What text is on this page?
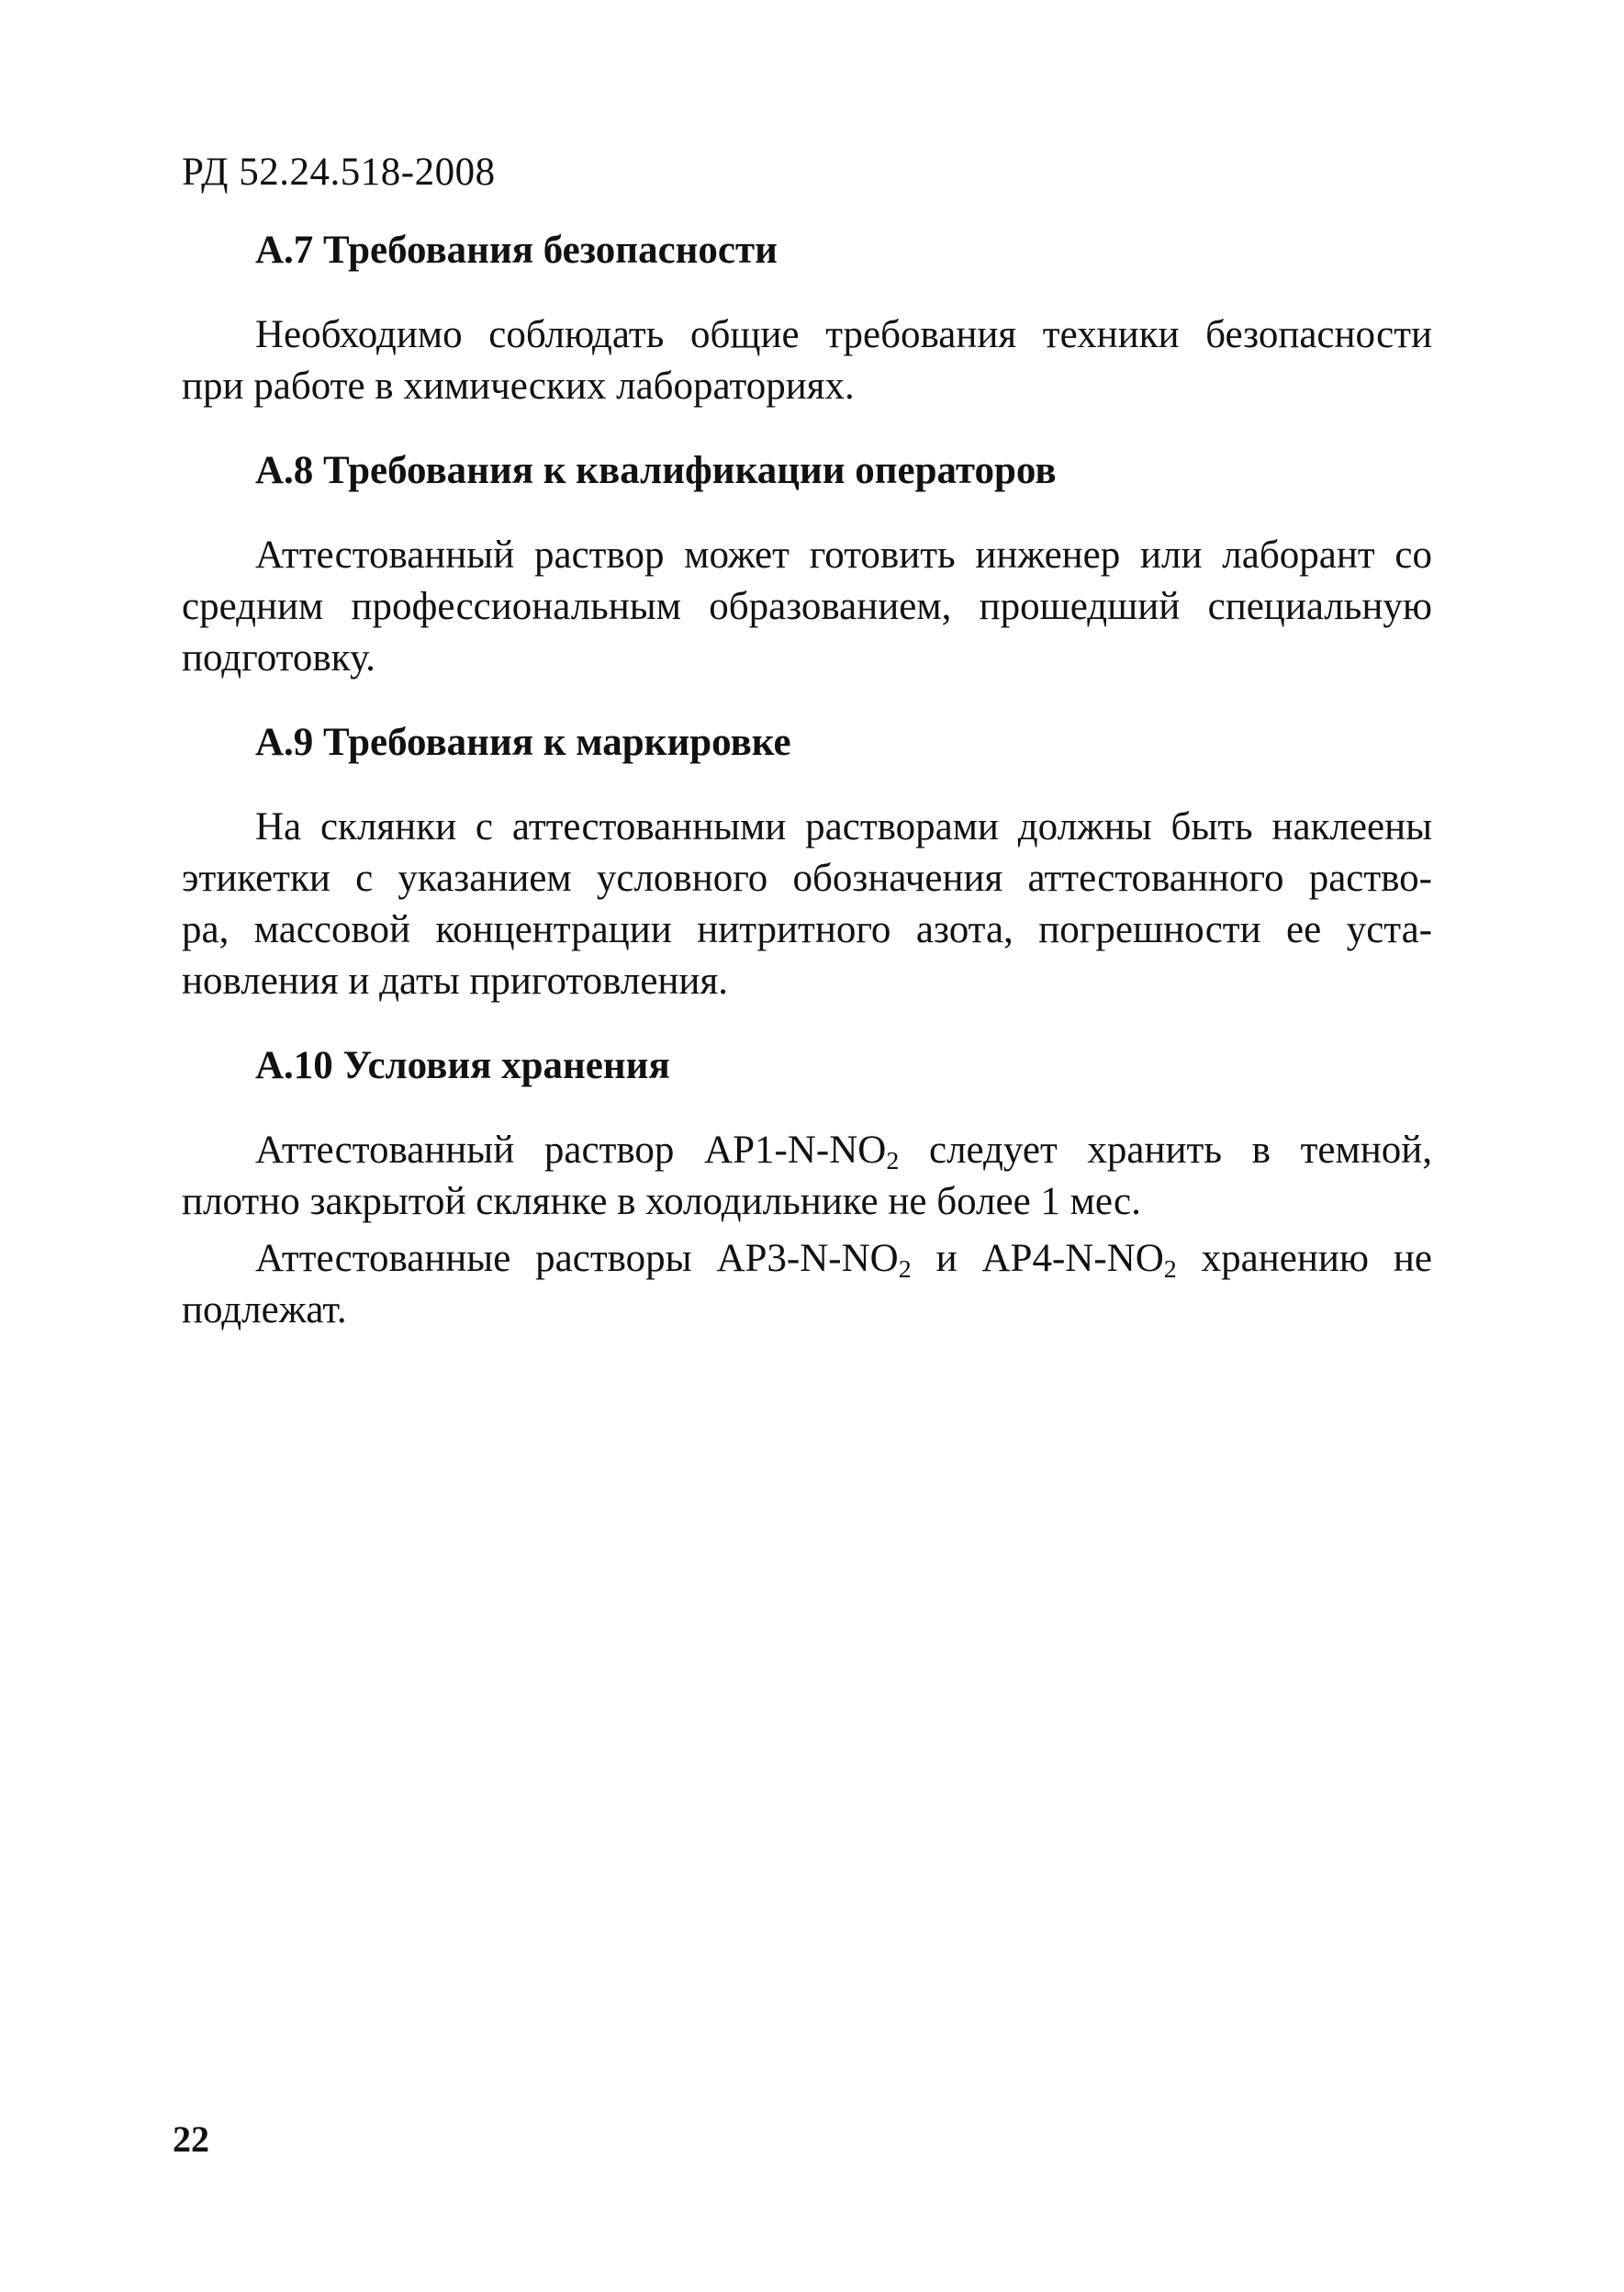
РД 52.24.518-2008
А.7 Требования безопасности

Необходимо соблюдать общие требования техники безопасности
при работе в химических лабораториях.

А.8 Требования к квалификации операторов

Аттестованный раствор может готовить инженер или лаборант со
средним профессиональным образованием, прошедший специальную
подготовку.

А.9 Требования к маркировке

На склянки с аттестованными растворами должны быть наклеены
этикетки с указанием условного обозначения аттестованного раство-
ра, массовой концентрации нитритного азота, погрешности ее уста-
новления и даты приготовления.

А.10 Условия хранения

Аттестованный раствор $АР1-N-NO_2$ следует хранить в темной,
плотно закрытой склянке в холодильнике не более 1 мес.

Аттестованные растворы $АР3-N-NO_2$ и $АР4-N-NO_2$ хранению не
подлежат.

22
